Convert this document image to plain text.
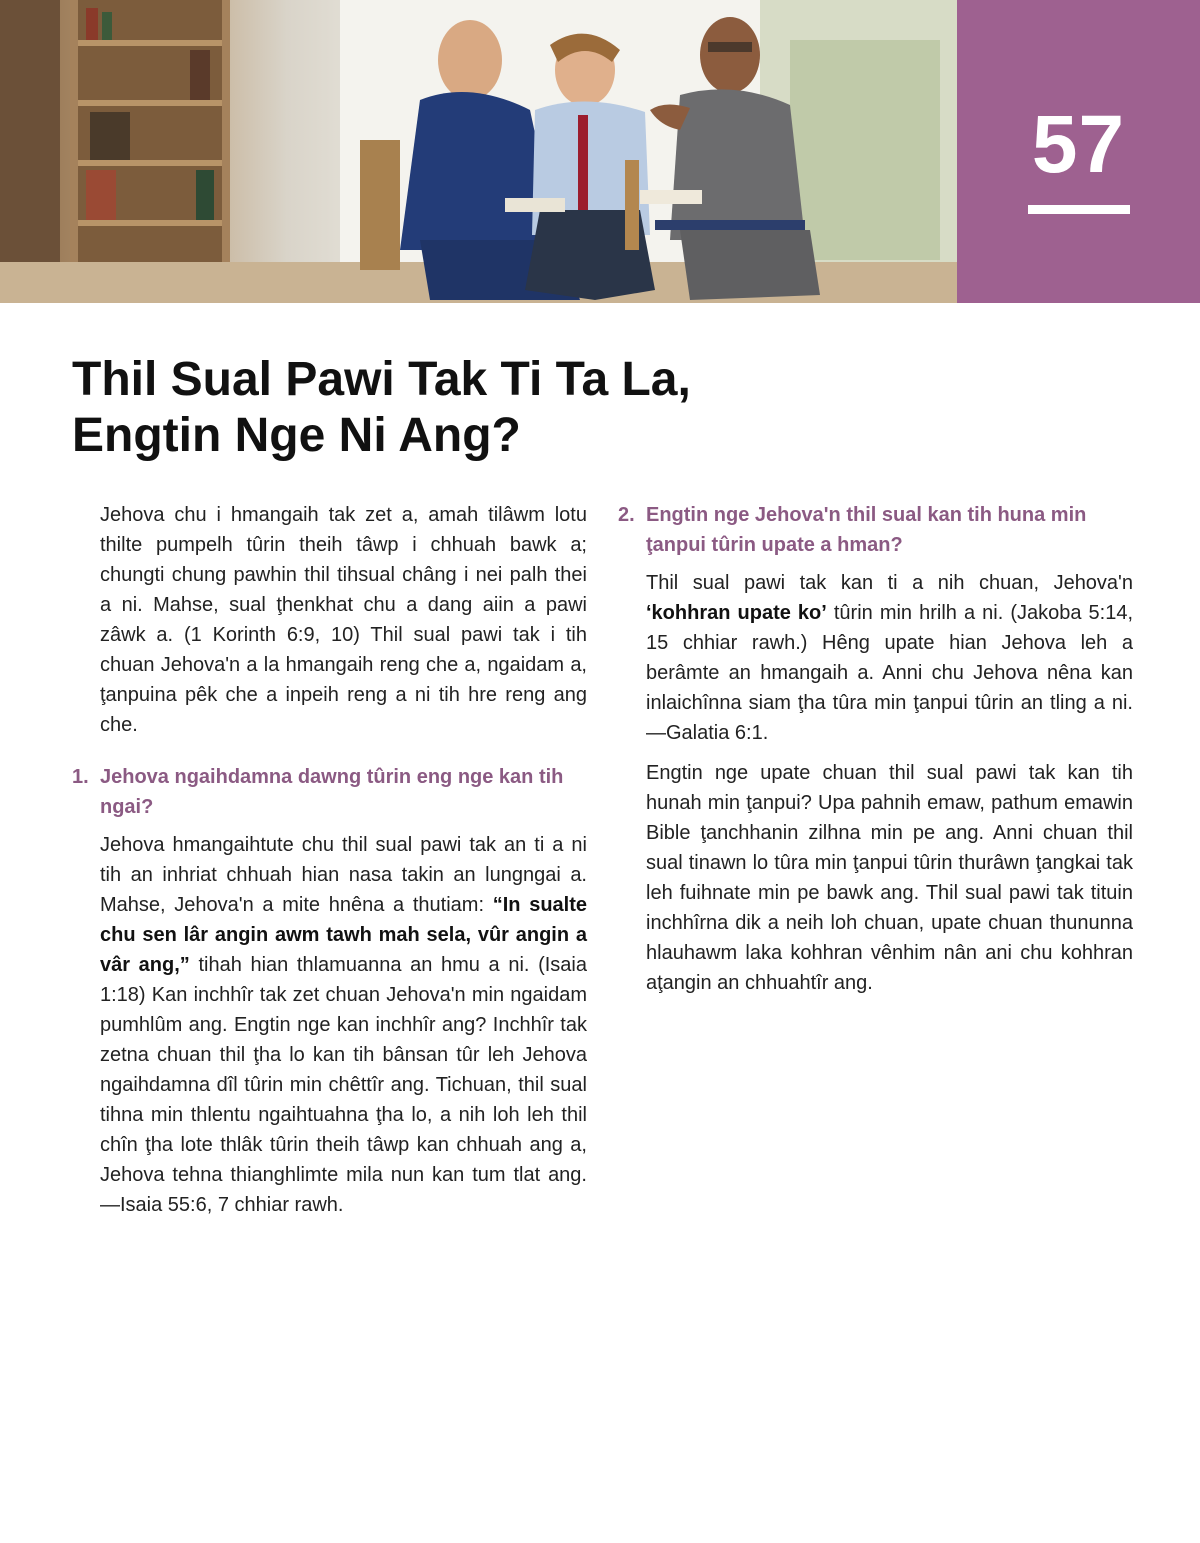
57
Thil Sual Pawi Tak Ti Ta La,
Engtin Nge Ni Ang?

Jehova chu i hmangaih tak zet a, amah tilâwm lotu thilte pumpelh tûrin theih tâwp i chhuah bawk a; chungti chung pawhin thil tihsual châng i nei palh thei a ni. Mahse, sual ţhenkhat chu a dang aiin a pawi zâwk a. (1 Korinth 6:9, 10) Thil sual pawi tak i tih chuan Jehova'n a la hmangaih reng che a, ngaidam a, ţanpuina pêk che a inpeih reng a ni tih hre reng ang che.

1. Jehova ngaihdamna dawng tûrin eng nge kan tih ngai?

Jehova hmangaihtute chu thil sual pawi tak an ti a ni tih an inhriat chhuah hian nasa takin an lungngai a. Mahse, Jehova'n a mite hnêna a thutiam: “In sualte chu sen lâr angin awm tawh mah sela, vûr angin a vâr ang,” tihah hian thlamuanna an hmu a ni. (Isaia 1:18) Kan inchhîr tak zet chuan Jehova'n min ngaidam pumhlûm ang. Engtin nge kan inchhîr ang? Inchhîr tak zetna chuan thil ţha lo kan tih bânsan tûr leh Jehova ngaihdamna dîl tûrin min chêttîr ang. Tichuan, thil sual tihna min thlentu ngaihtuahna ţha lo, a nih loh leh thil chîn ţha lote thlâk tûrin theih tâwp kan chhuah ang a, Jehova tehna thianghlimte mila nun kan tum tlat ang.—Isaia 55:6, 7 chhiar rawh.

2. Engtin nge Jehova'n thil sual kan tih huna min ţanpui tûrin upate a hman?

Thil sual pawi tak kan ti a nih chuan, Jehova'n ‘kohhran upate ko’ tûrin min hrilh a ni. (Jakoba 5:14, 15 chhiar rawh.) Hêng upate hian Jehova leh a berâmte an hmangaih a. Anni chu Jehova nêna kan inlaichînna siam ţha tûra min ţanpui tûrin an tling a ni.—Galatia 6:1.

Engtin nge upate chuan thil sual pawi tak kan tih hunah min ţanpui? Upa pahnih emaw, pathum emawin Bible ţanchhanin zilhna min pe ang. Anni chuan thil sual tinawn lo tûra min ţanpui tûrin thurâwn ţangkai tak leh fuihnate min pe bawk ang. Thil sual pawi tak tituin inchhîrna dik a neih loh chuan, upate chuan thununna hlauhawm laka kohhran vênhim nân ani chu kohhran aţangin an chhuahtîr ang.
